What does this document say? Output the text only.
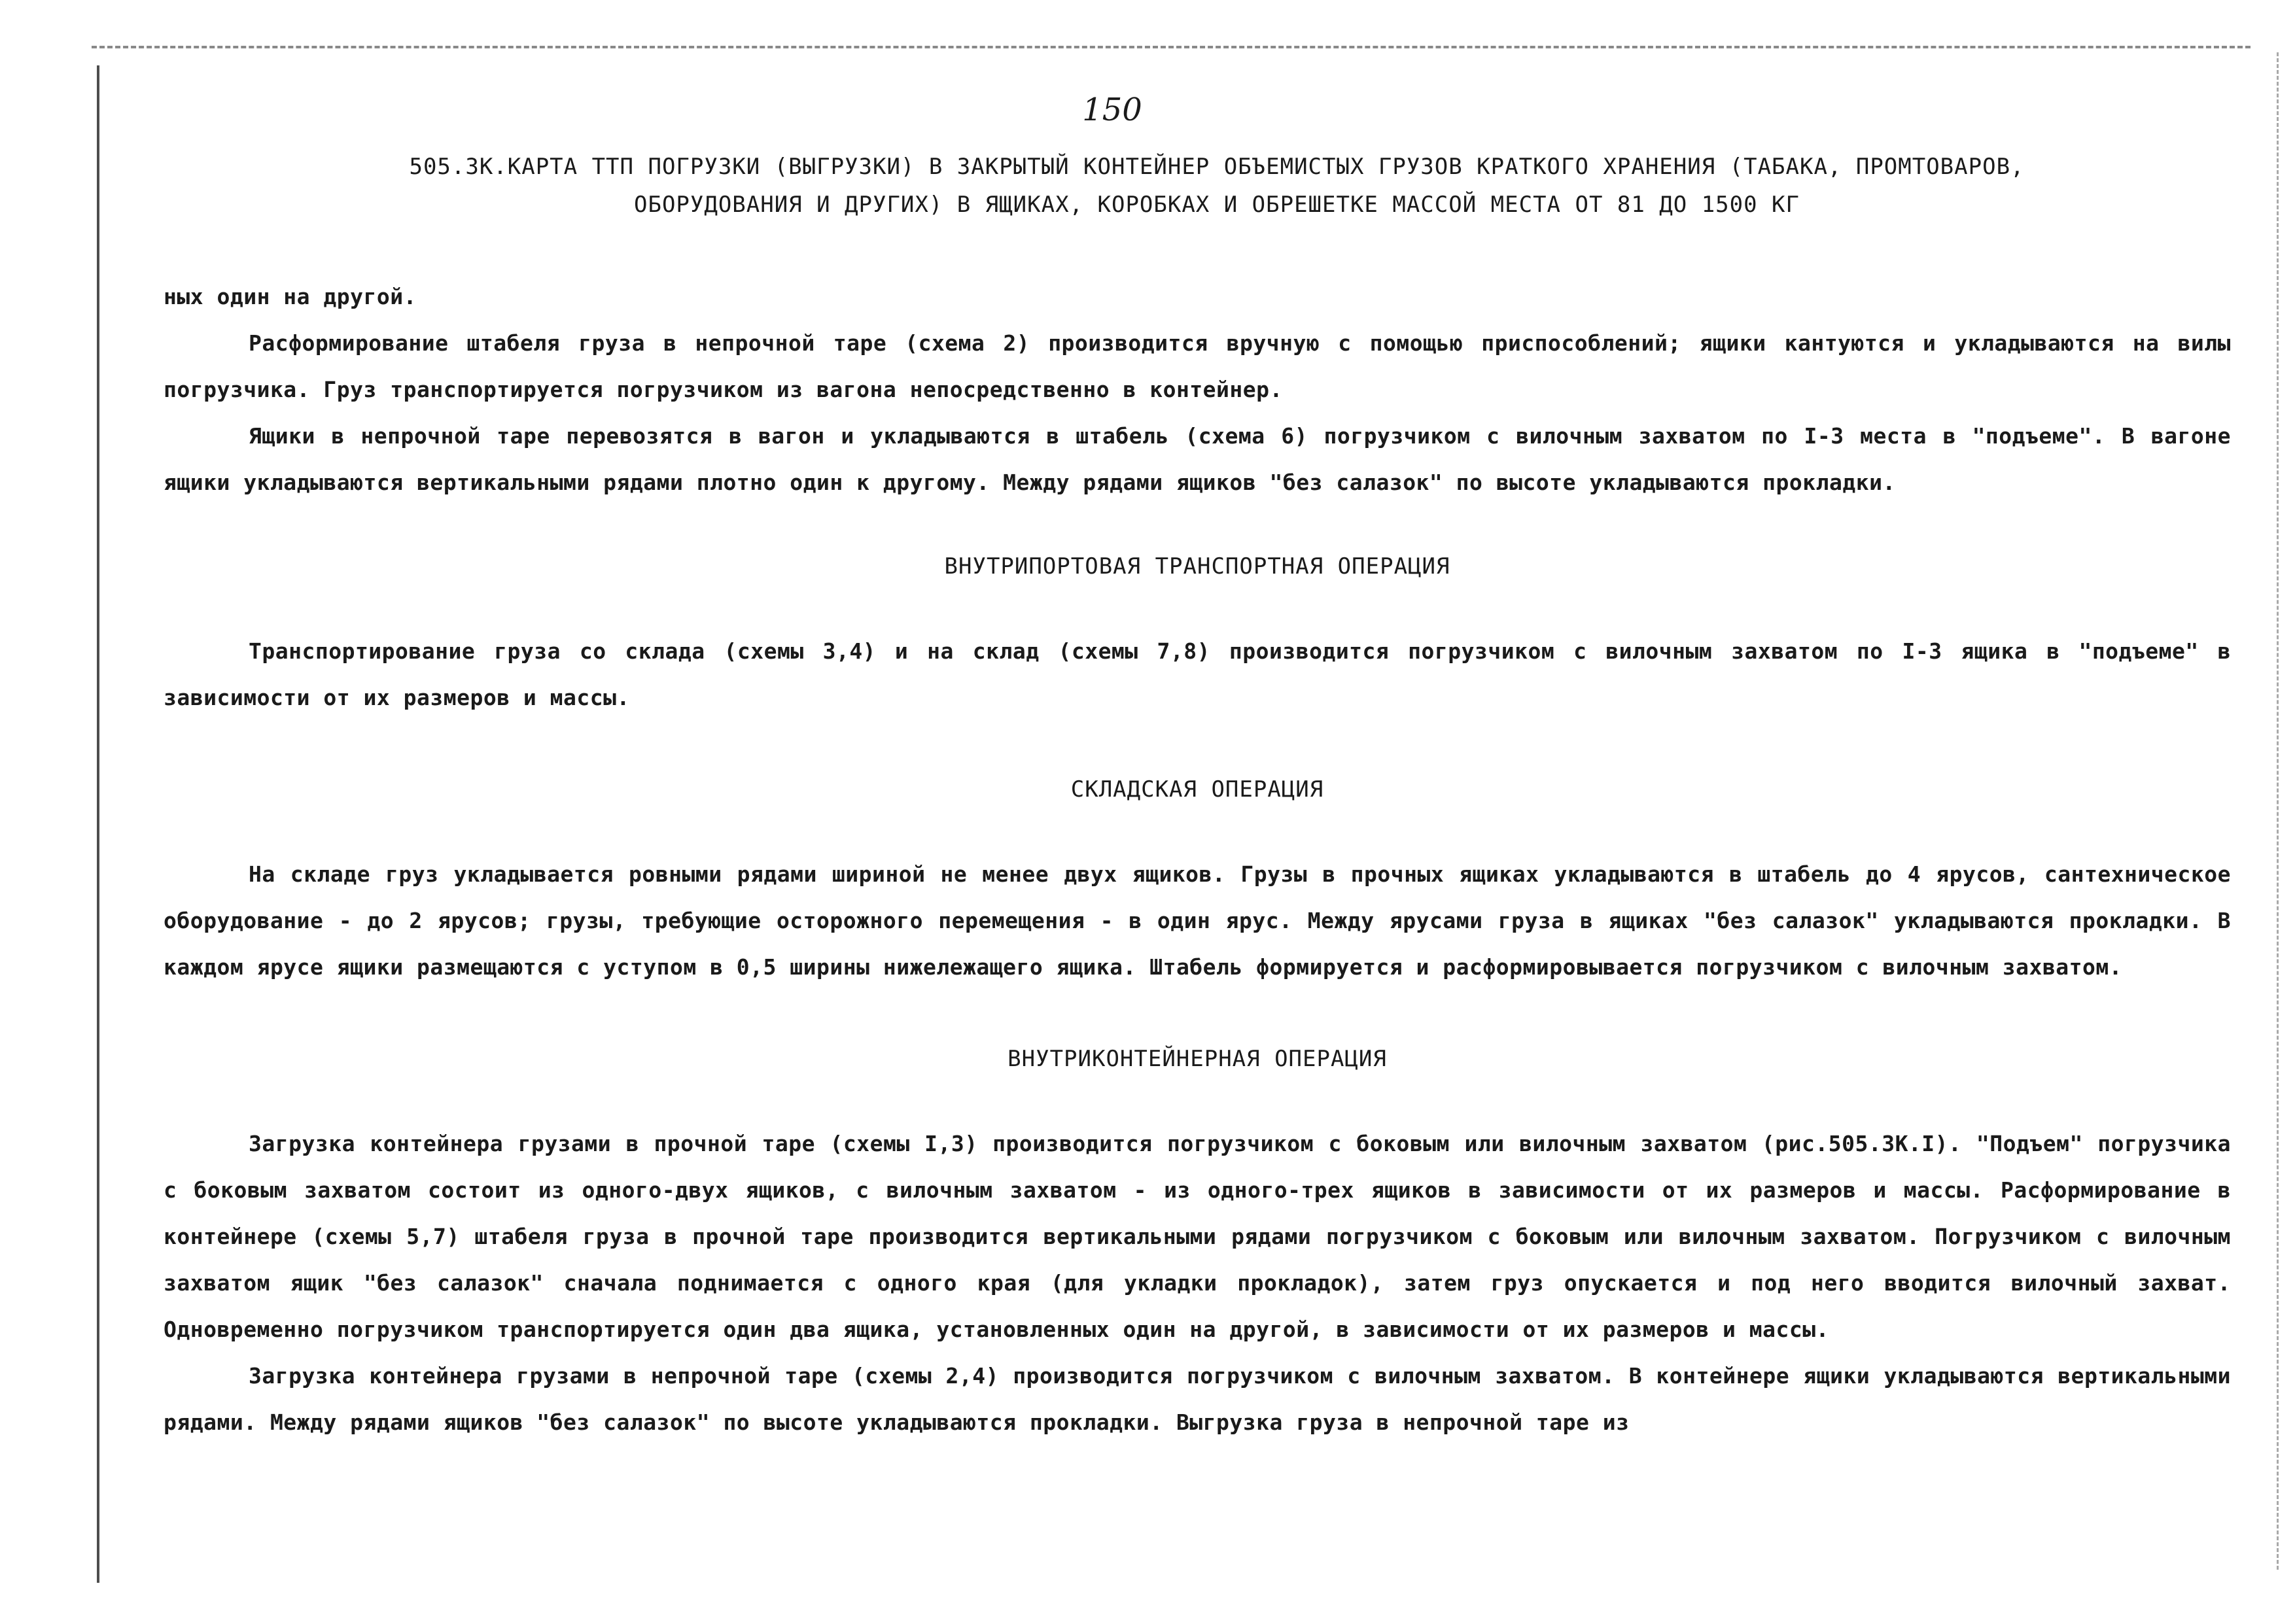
150
505.ЗК.КАРТА ТТП ПОГРУЗКИ (ВЫГРУЗКИ) В ЗАКРЫТЫЙ КОНТЕЙНЕР ОБЪЕМИСТЫХ ГРУЗОВ КРАТКОГО ХРАНЕНИЯ (ТАБАКА, ПРОМТОВАРОВ, ОБОРУДОВАНИЯ И ДРУГИХ) В ЯЩИКАХ, КОРОБКАХ И ОБРЕШЕТКЕ МАССОЙ МЕСТА ОТ 81 ДО 1500 КГ

ных один на другой.

Расформирование штабеля груза в непрочной таре (схема 2) производится вручную с помощью приспособлений; ящики кантуются и укладываются на вилы погрузчика. Груз транспортируется погрузчиком из вагона непосредственно в контейнер.

Ящики в непрочной таре перевозятся в вагон и укладываются в штабель (схема 6) погрузчиком с вилочным захватом по I-3 места в "подъеме". В вагоне ящики укладываются вертикальными рядами плотно один к другому. Между рядами ящиков "без салазок" по высоте укладываются прокладки.

ВНУТРИПОРТОВАЯ ТРАНСПОРТНАЯ ОПЕРАЦИЯ

Транспортирование груза со склада (схемы 3,4) и на склад (схемы 7,8) производится погрузчиком с вилочным захватом по I-3 ящика в "подъеме" в зависимости от их размеров и массы.

СКЛАДСКАЯ ОПЕРАЦИЯ

На складе груз укладывается ровными рядами шириной не менее двух ящиков. Грузы в прочных ящиках укладываются в штабель до 4 ярусов, сантехническое оборудование - до 2 ярусов; грузы, требующие осторожного перемещения - в один ярус. Между ярусами груза в ящиках "без салазок" укладываются прокладки. В каждом ярусе ящики размещаются с уступом в 0,5 ширины нижележащего ящика. Штабель формируется и расформировывается погрузчиком с вилочным захватом.

ВНУТРИКОНТЕЙНЕРНАЯ ОПЕРАЦИЯ

Загрузка контейнера грузами в прочной таре (схемы I,3) производится погрузчиком с боковым или вилочным захватом (рис.505.ЗК.I). "Подъем" погрузчика с боковым захватом состоит из одного-двух ящиков, с вилочным захватом - из одного-трех ящиков в зависимости от их размеров и массы. Расформирование в контейнере (схемы 5,7) штабеля груза в прочной таре производится вертикальными рядами погрузчиком с боковым или вилочным захватом. Погрузчиком с вилочным захватом ящик "без салазок" сначала поднимается с одного края (для укладки прокладок), затем груз опускается и под него вводится вилочный захват. Одновременно погрузчиком транспортируется один два ящика, установленных один на другой, в зависимости от их размеров и массы.

Загрузка контейнера грузами в непрочной таре (схемы 2,4) производится погрузчиком с вилочным захватом. В контейнере ящики укладываются вертикальными рядами. Между рядами ящиков "без салазок" по высоте укладываются прокладки. Выгрузка груза в непрочной таре из
